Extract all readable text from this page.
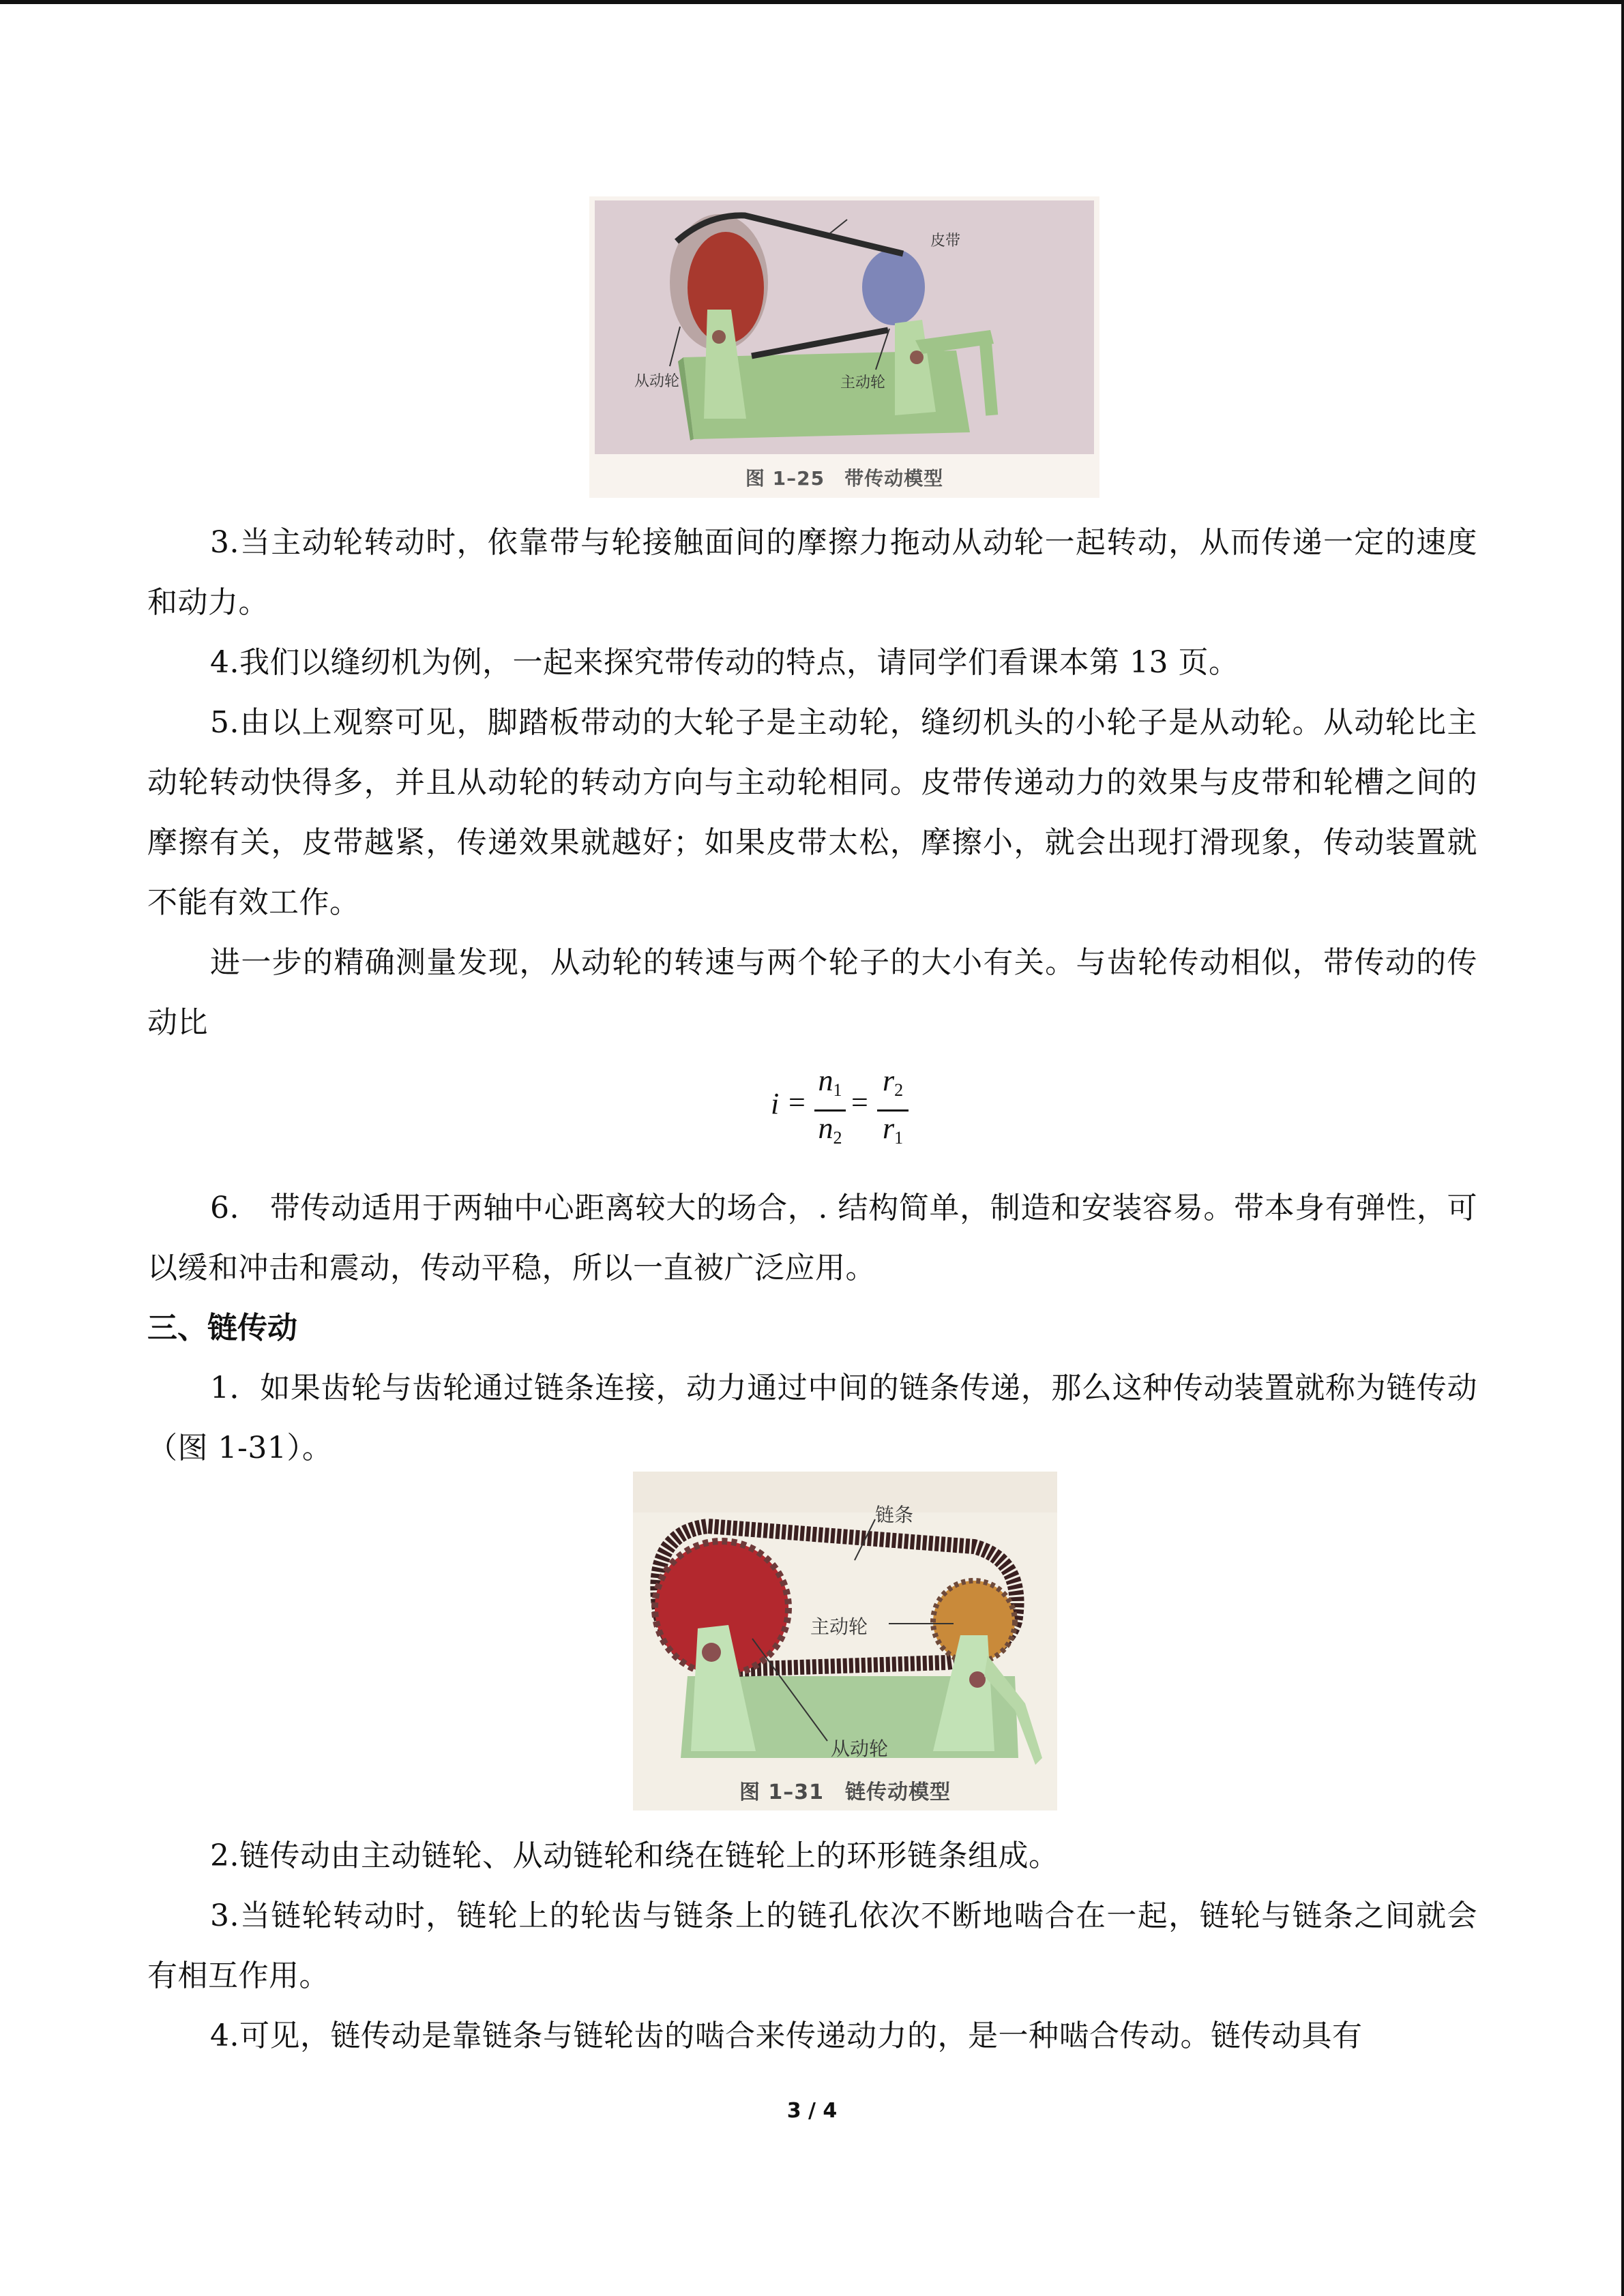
皮带
从动轮	主动轮
图 1–25　带传动模型

3.当主动轮转动时，依靠带与轮接触面间的摩擦力拖动从动轮一起转动，从而传递一定的速度和动力。

4.我们以缝纫机为例，一起来探究带传动的特点，请同学们看课本第 13 页。

5.由以上观察可见，脚踏板带动的大轮子是主动轮，缝纫机头的小轮子是从动轮。从动轮比主动轮转动快得多，并且从动轮的转动方向与主动轮相同。皮带传递动力的效果与皮带和轮槽之间的摩擦有关，皮带越紧，传递效果就越好；如果皮带太松，摩擦小，就会出现打滑现象，传动装置就不能有效工作。

进一步的精确测量发现，从动轮的转速与两个轮子的大小有关。与齿轮传动相似，带传动的传动比

i =
$n_1$
$n_2$
=
$r_2$
$r_1$

6.　带传动适用于两轴中心距离较大的场合，. 结构简单，制造和安装容易。带本身有弹性，可以缓和冲击和震动，传动平稳，所以一直被广泛应用。

三、链传动

1．如果齿轮与齿轮通过链条连接，动力通过中间的链条传递，那么这种传动装置就称为链传动（图 1-31）。

链条
主动轮
从动轮
图 1–31　链传动模型

2.链传动由主动链轮、从动链轮和绕在链轮上的环形链条组成。

3.当链轮转动时，链轮上的轮齿与链条上的链孔依次不断地啮合在一起，链轮与链条之间就会有相互作用。

4.可见，链传动是靠链条与链轮齿的啮合来传递动力的，是一种啮合传动。链传动具有

3 / 4
